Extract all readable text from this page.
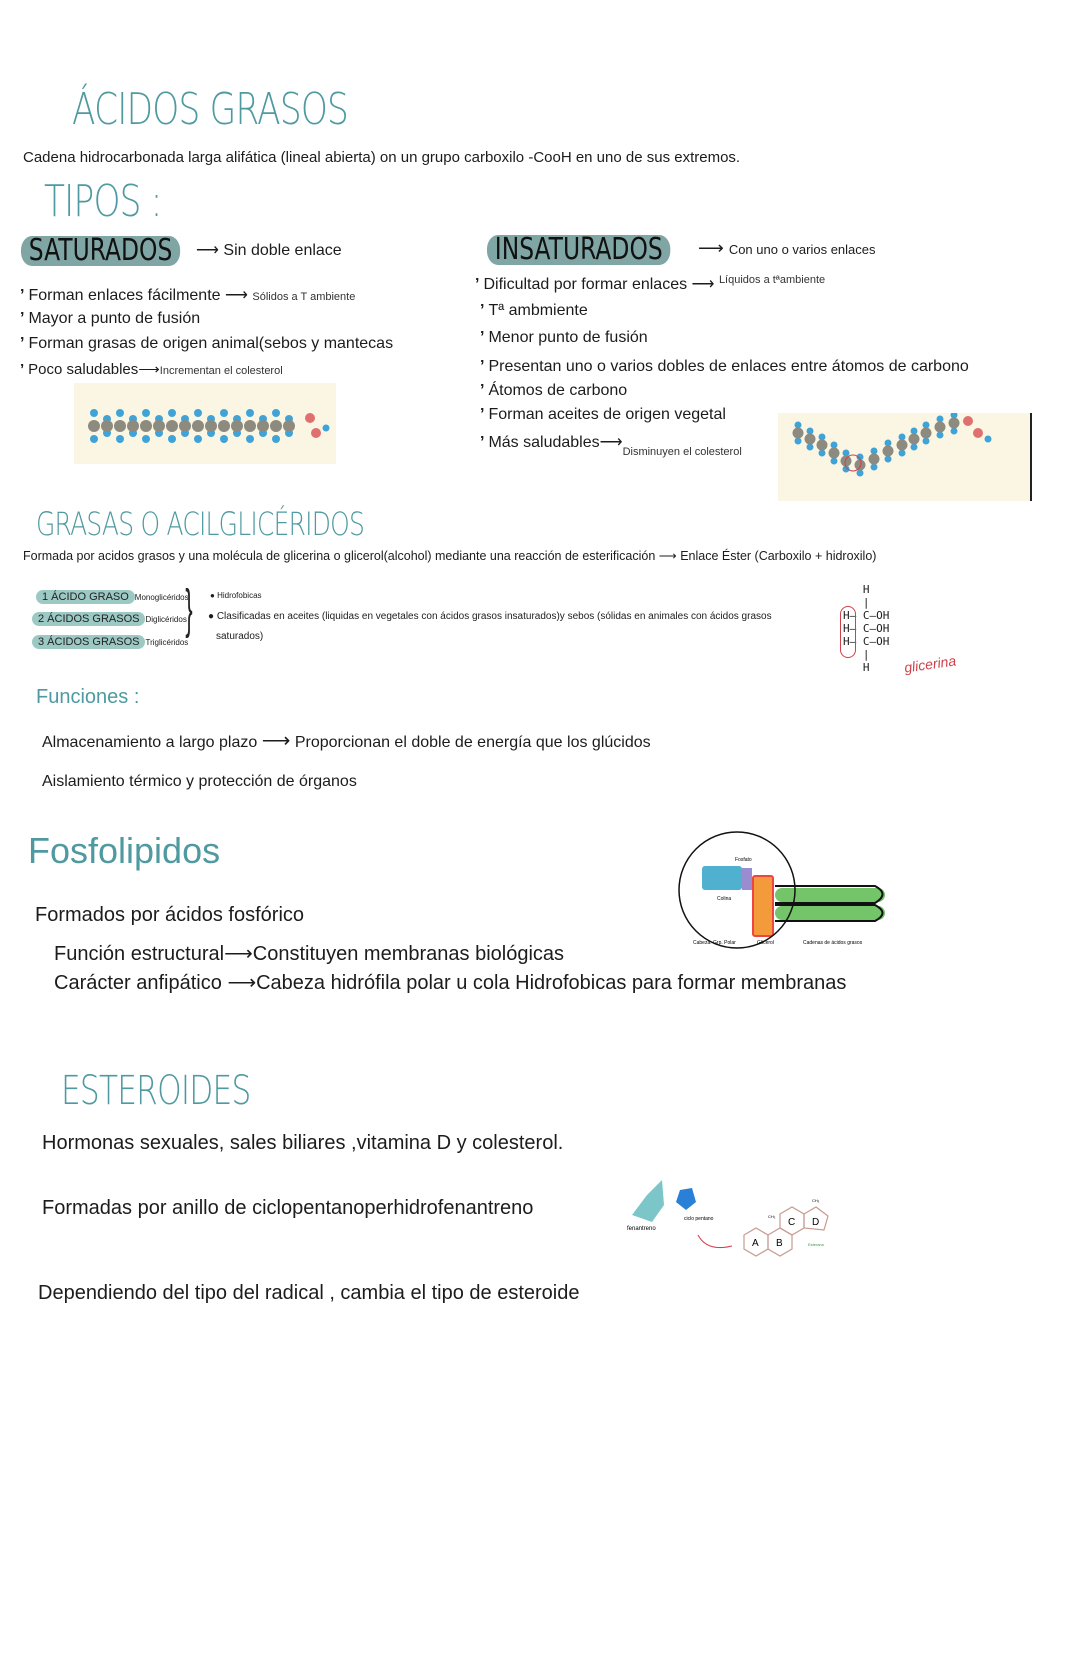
ÁCIDOS GRASOS
Cadena hidrocarbonada larga alifática (lineal abierta) on un grupo carboxilo -CooH en uno de sus extremos.
TIPOS :
SATURADOS	⟶ Sin doble enlace
’ Forman enlaces fácilmente ⟶ Sólidos a T ambiente
’ Mayor a punto de fusión
’ Forman grasas de origen animal(sebos y mantecas
’ Poco saludables⟶Incrementan el colesterol
INSATURADOS	⟶ Con uno o varios enlaces
’ Dificultad por formar enlaces ⟶ $^{Líquidos a tªambiente}$
’ Tª ambmiente
’ Menor punto de fusión
’ Presentan uno o varios dobles de enlaces entre átomos de carbono
’ Átomos de carbono
’ Forman aceites de origen vegetal
’ Más $saludables⟶_{Disminuyen el colesterol}$
GRASAS O ACILGLICÉRIDOS
Formada por acidos grasos y una molécula de glicerina o glicerol(alcohol) mediante una reacción de esterificación ⟶ Enlace Éster (Carboxilo + hidroxilo)
1 ÁCIDO GRASO Monoglicéridos
2 ÁCIDOS GRASOS Diglicéridos
3 ÁCIDOS GRASOS Triglicéridos
} ● Hidrofobicas
● Clasificadas en aceites (liquidas en vegetales con ácidos grasos insaturados)y sebos (sólidas en animales con ácidos grasos
saturados)
H
|
H— C—OH
H— C—OH
H— C—OH
|
H	glicerina
Funciones :
Almacenamiento a largo plazo ⟶ Proporcionan el doble de energía que los glúcidos
Aislamiento térmico y protección de órganos
Fosfolipidos
Formados por ácidos fosfórico
Función estructural⟶Constituyen membranas biológicas
Carácter anfipático ⟶Cabeza hidrófila polar u cola Hidrofobicas para formar membranas
Fosfato
Colina
Cabeza: Grp. Polar	Glicerol	Cadenas de ácidos grasos
ESTEROIDES
Hormonas sexuales, sales biliares ,vitamina D y colesterol.
Formadas por anillo de ciclopentanoperhidrofenantreno
Dependiendo del tipo del radical , cambia el tipo de esteroide
fenantreno
ciclo pentano
A B
C D
CH₃
CH₃
Esterano
